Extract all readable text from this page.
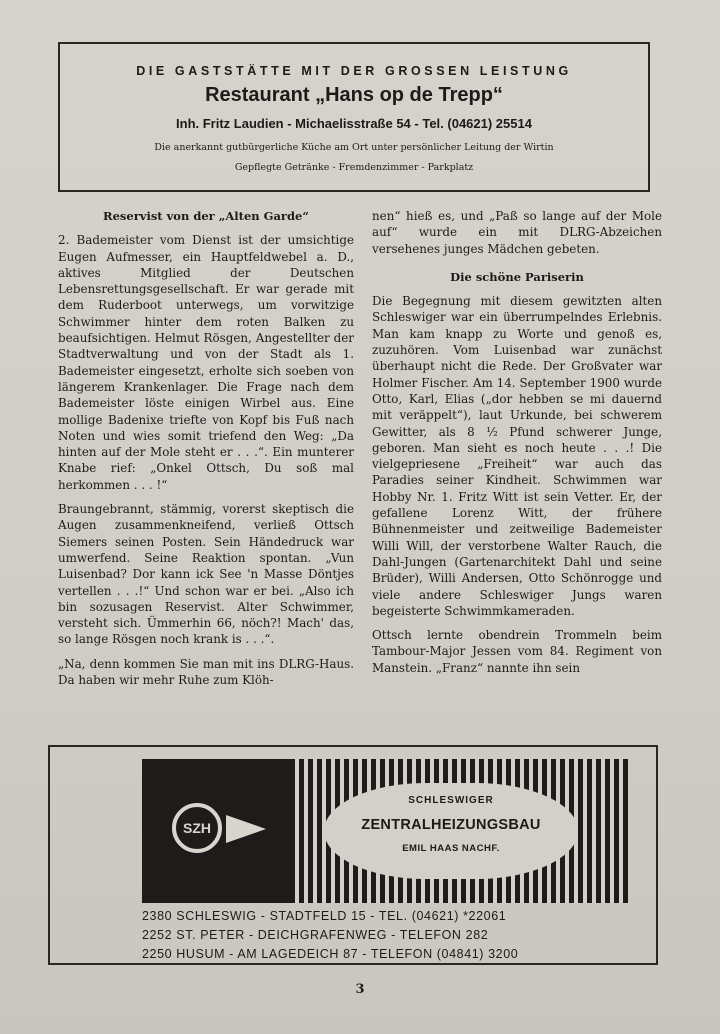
DIE GASTSTÄTTE MIT DER GROSSEN LEISTUNG
Restaurant „Hans op de Trepp“
Inh. Fritz Laudien - Michaelisstraße 54 - Tel. (04621) 25514
Die anerkannt gutbürgerliche Küche am Ort unter persönlicher Leitung der Wirtin
Gepflegte Getränke - Fremdenzimmer - Parkplatz
Reservist von der „Alten Garde“

2. Bademeister vom Dienst ist der umsichtige Eugen Aufmesser, ein Hauptfeldwebel a. D., aktives Mitglied der Deutschen Lebensrettungsgesellschaft. Er war gerade mit dem Ruderboot unterwegs, um vorwitzige Schwimmer hinter dem roten Balken zu beaufsichtigen. Helmut Rösgen, Angestellter der Stadtverwaltung und von der Stadt als 1. Bademeister eingesetzt, erholte sich soeben von längerem Krankenlager. Die Frage nach dem Bademeister löste einigen Wirbel aus. Eine mollige Badenixe triefte von Kopf bis Fuß nach Noten und wies somit triefend den Weg: „Da hinten auf der Mole steht er . . .“. Ein munterer Knabe rief: „Onkel Ottsch, Du soß mal herkommen . . . !“

Braungebrannt, stämmig, vorerst skeptisch die Augen zusammenkneifend, verließ Ottsch Siemers seinen Posten. Sein Händedruck war umwerfend. Seine Reaktion spontan. „Vun Luisenbad? Dor kann ick See 'n Masse Döntjes vertellen . . .!“ Und schon war er bei. „Also ich bin sozusagen Reservist. Alter Schwimmer, versteht sich. Ümmerhin 66, nöch?! Mach' das, so lange Rösgen noch krank is . . .“.

„Na, denn kommen Sie man mit ins DLRG-Haus. Da haben wir mehr Ruhe zum Klöh-

nen“ hieß es, und „Paß so lange auf der Mole auf“ wurde ein mit DLRG-Abzeichen versehenes junges Mädchen gebeten.

Die schöne Pariserin

Die Begegnung mit diesem gewitzten alten Schleswiger war ein überrumpelndes Erlebnis. Man kam knapp zu Worte und genoß es, zuzuhören. Vom Luisenbad war zunächst überhaupt nicht die Rede. Der Großvater war Holmer Fischer. Am 14. September 1900 wurde Otto, Karl, Elias („dor hebben se mi dauernd mit veräppelt“), laut Urkunde, bei schwerem Gewitter, als 8 ½ Pfund schwerer Junge, geboren. Man sieht es noch heute . . .! Die vielgepriesene „Freiheit“ war auch das Paradies seiner Kindheit. Schwimmen war Hobby Nr. 1. Fritz Witt ist sein Vetter. Er, der gefallene Lorenz Witt, der frühere Bühnenmeister und zeitweilige Bademeister Willi Will, der verstorbene Walter Rauch, die Dahl-Jungen (Gartenarchitekt Dahl und seine Brüder), Willi Andersen, Otto Schönrogge und viele andere Schleswiger Jungs waren begeisterte Schwimmkameraden.

Ottsch lernte obendrein Trommeln beim Tambour-Major Jessen vom 84. Regiment von Manstein. „Franz“ nannte ihn sein

SZH
SCHLESWIGER
ZENTRALHEIZUNGSBAU
EMIL HAAS NACHF.
2380 SCHLESWIG - STADTFELD 15 - TEL. (04621) *22061
2252 ST. PETER - DEICHGRAFENWEG - TELEFON 282
2250 HUSUM - AM LAGEDEICH 87 - TELEFON (04841) 3200
3
